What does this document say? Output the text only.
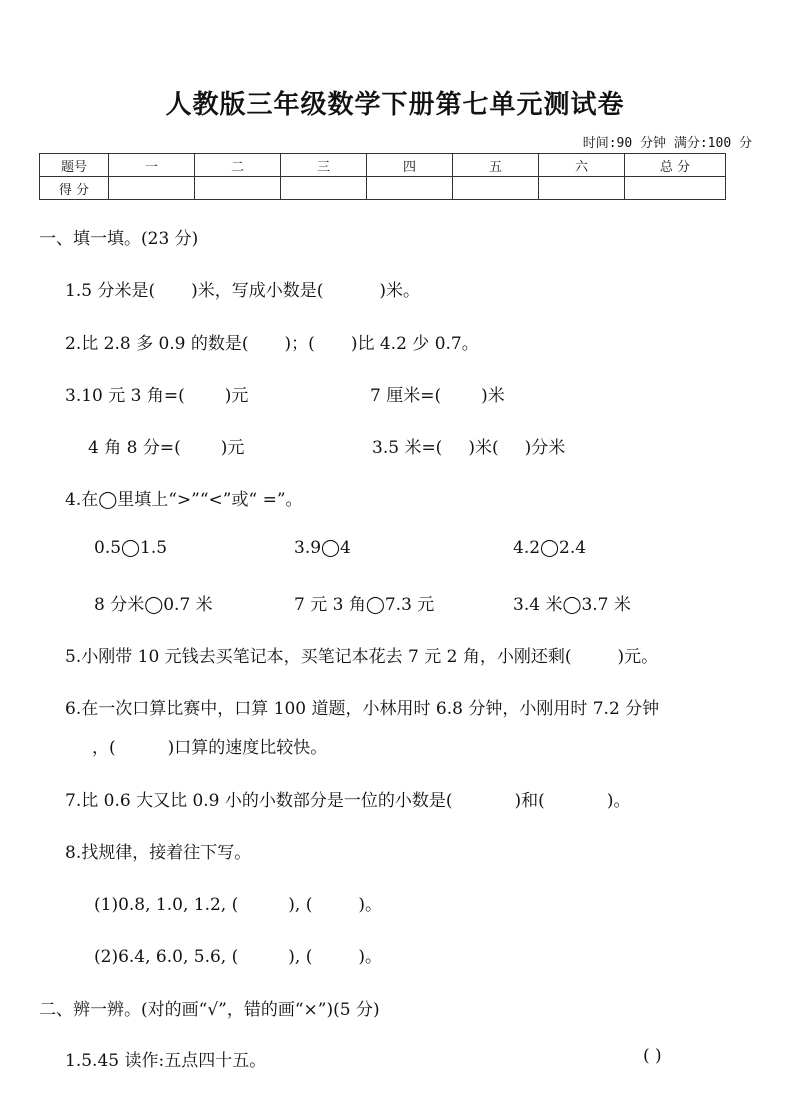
人教版三年级数学下册第七单元测试卷
时间:90 分钟 满分:100 分
题号	一	二	三	四	五	六	总 分
得 分							
一、填一填。(23 分)
1.5 分米是( )米，写成小数是(	)米。
2.比 2.8 多 0.9 的数是( )；( )比 4.2 少 0.7。
3.10 元 3 角=( )元	7 厘米=( )米
4 角 8 分=( )元	3.5 米=( )米( )分米
4.在◯里填上“>”“<”或“ =”。
0.5◯1.5	3.9◯4	4.2◯2.4
8 分米◯0.7 米	7 元 3 角◯7.3 元	3.4 米◯3.7 米
5.小刚带 10 元钱去买笔记本，买笔记本花去 7 元 2 角，小刚还剩(	)元。
6.在一次口算比赛中，口算 100 道题，小林用时 6.8 分钟，小刚用时 7.2 分钟
，(	)口算的速度比较快。
7.比 0.6 大又比 0.9 小的小数部分是一位的小数是(	)和(	)。
8.找规律，接着往下写。
(1)0.8, 1.0, 1.2, (	), (	)。
(2)6.4, 6.0, 5.6, (	), (	)。
二、辨一辨。(对的画“√”，错的画“×”)(5 分)
1.5.45 读作:五点四十五。	( )
